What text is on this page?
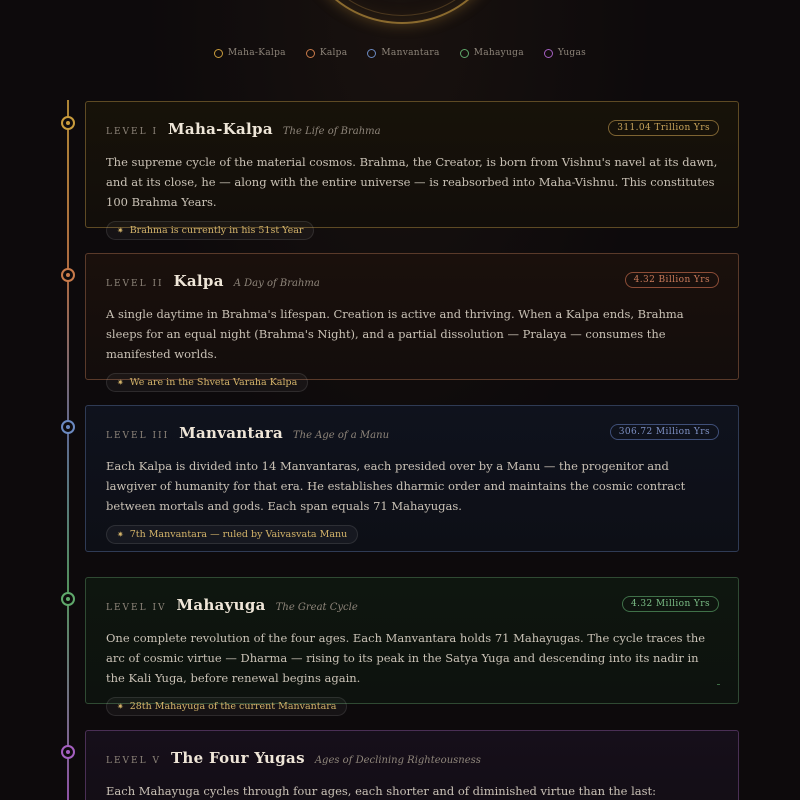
Maha-Kalpa	Kalpa	Manvantara	Mahayuga	Yugas
LEVEL I Maha-Kalpa The Life of Brahma	311.04 Trillion Yrs
The supreme cycle of the material cosmos. Brahma, the Creator, is born from Vishnu's navel at its dawn, and at its close, he — along with the entire universe — is reabsorbed into Maha-Vishnu. This constitutes 100 Brahma Years.
✷ Brahma is currently in his 51st Year
LEVEL II Kalpa A Day of Brahma	4.32 Billion Yrs
A single daytime in Brahma's lifespan. Creation is active and thriving. When a Kalpa ends, Brahma sleeps for an equal night (Brahma's Night), and a partial dissolution — Pralaya — consumes the manifested worlds.
✷ We are in the Shveta Varaha Kalpa
LEVEL III Manvantara The Age of a Manu	306.72 Million Yrs
Each Kalpa is divided into 14 Manvantaras, each presided over by a Manu — the progenitor and lawgiver of humanity for that era. He establishes dharmic order and maintains the cosmic contract between mortals and gods. Each span equals 71 Mahayugas.
✷ 7th Manvantara — ruled by Vaivasvata Manu
LEVEL IV Mahayuga The Great Cycle	4.32 Million Yrs
One complete revolution of the four ages. Each Manvantara holds 71 Mahayugas. The cycle traces the arc of cosmic virtue — Dharma — rising to its peak in the Satya Yuga and descending into its nadir in the Kali Yuga, before renewal begins again.
✷ 28th Mahayuga of the current Manvantara
LEVEL V The Four Yugas Ages of Declining Righteousness
Each Mahayuga cycles through four ages, each shorter and of diminished virtue than the last:
